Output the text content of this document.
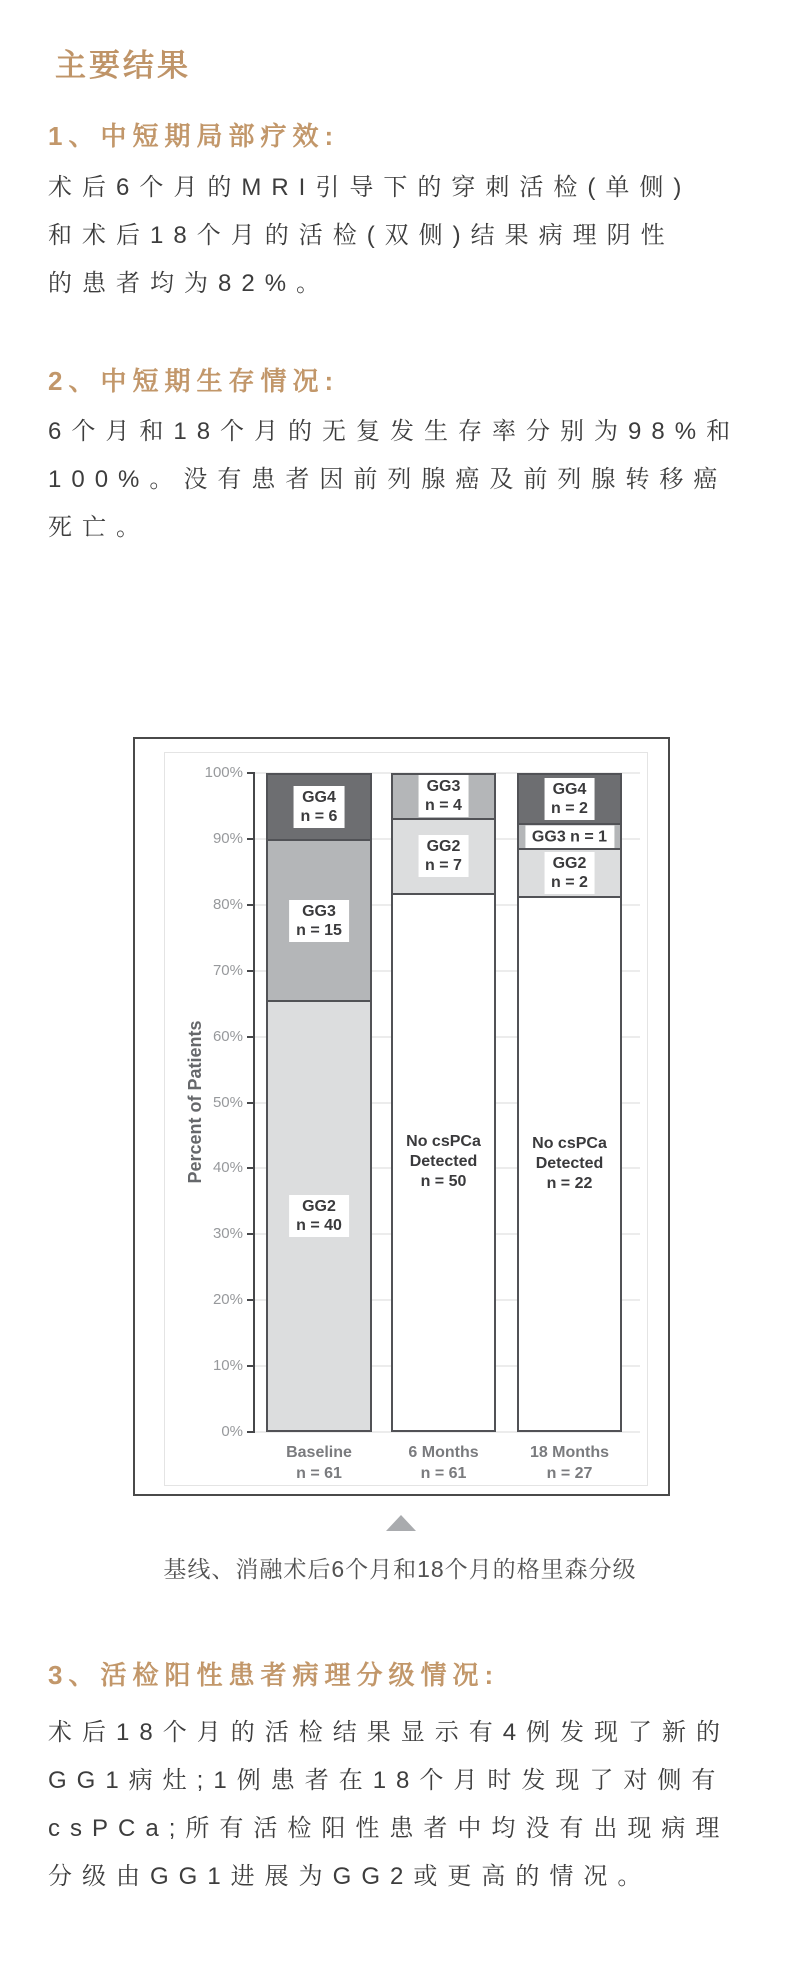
主要结果
1、中短期局部疗效:
术后6个月的MRI引导下的穿刺活检(单侧)
和术后18个月的活检(双侧)结果病理阴性
的患者均为82%。
2、中短期生存情况:
6个月和18个月的无复发生存率分别为98%和
100%。没有患者因前列腺癌及前列腺转移癌
死亡。
Percent of Patients
0%
10%
20%
30%
40%
50%
60%
70%
80%
90%
100%
GG4
n = 6
GG3
n = 15
GG2
n = 40
Baseline
n = 61
GG3
n = 4
GG2
n = 7
No csPCa
Detected
n = 50
6 Months
n = 61
GG4
n = 2
GG3 n = 1
GG2
n = 2
No csPCa
Detected
n = 22
18 Months
n = 27
基线、消融术后6个月和18个月的格里森分级
3、活检阳性患者病理分级情况:
术后18个月的活检结果显示有4例发现了新的
GG1病灶;1例患者在18个月时发现了对侧有
csPCa;所有活检阳性患者中均没有出现病理
分级由GG1进展为GG2或更高的情况。
